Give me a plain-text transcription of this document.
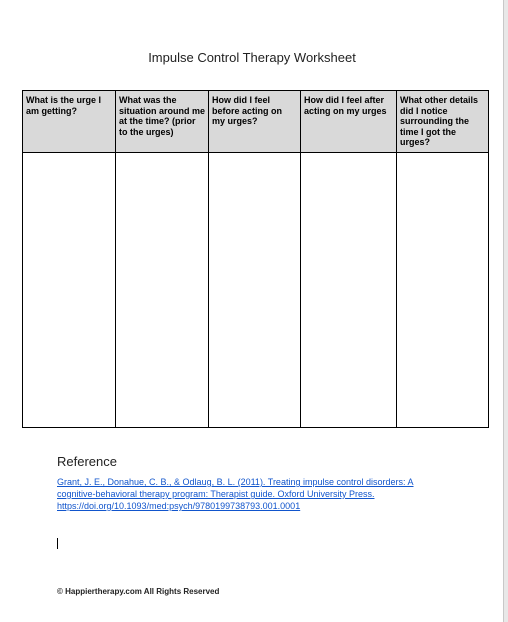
Impulse Control Therapy Worksheet
What is the urge I am getting?	What was the situation around me at the time? (prior to the urges)	How did I feel before acting on my urges?	How did I feel after acting on my urges	What other details did I notice surrounding the time I got the urges?

Reference
Grant, J. E., Donahue, C. B., & Odlaug, B. L. (2011). Treating impulse control disorders: A cognitive-behavioral therapy program: Therapist guide. Oxford University Press. https://doi.org/10.1093/med:psych/9780199738793.001.0001
© Happiertherapy.com All Rights Reserved
